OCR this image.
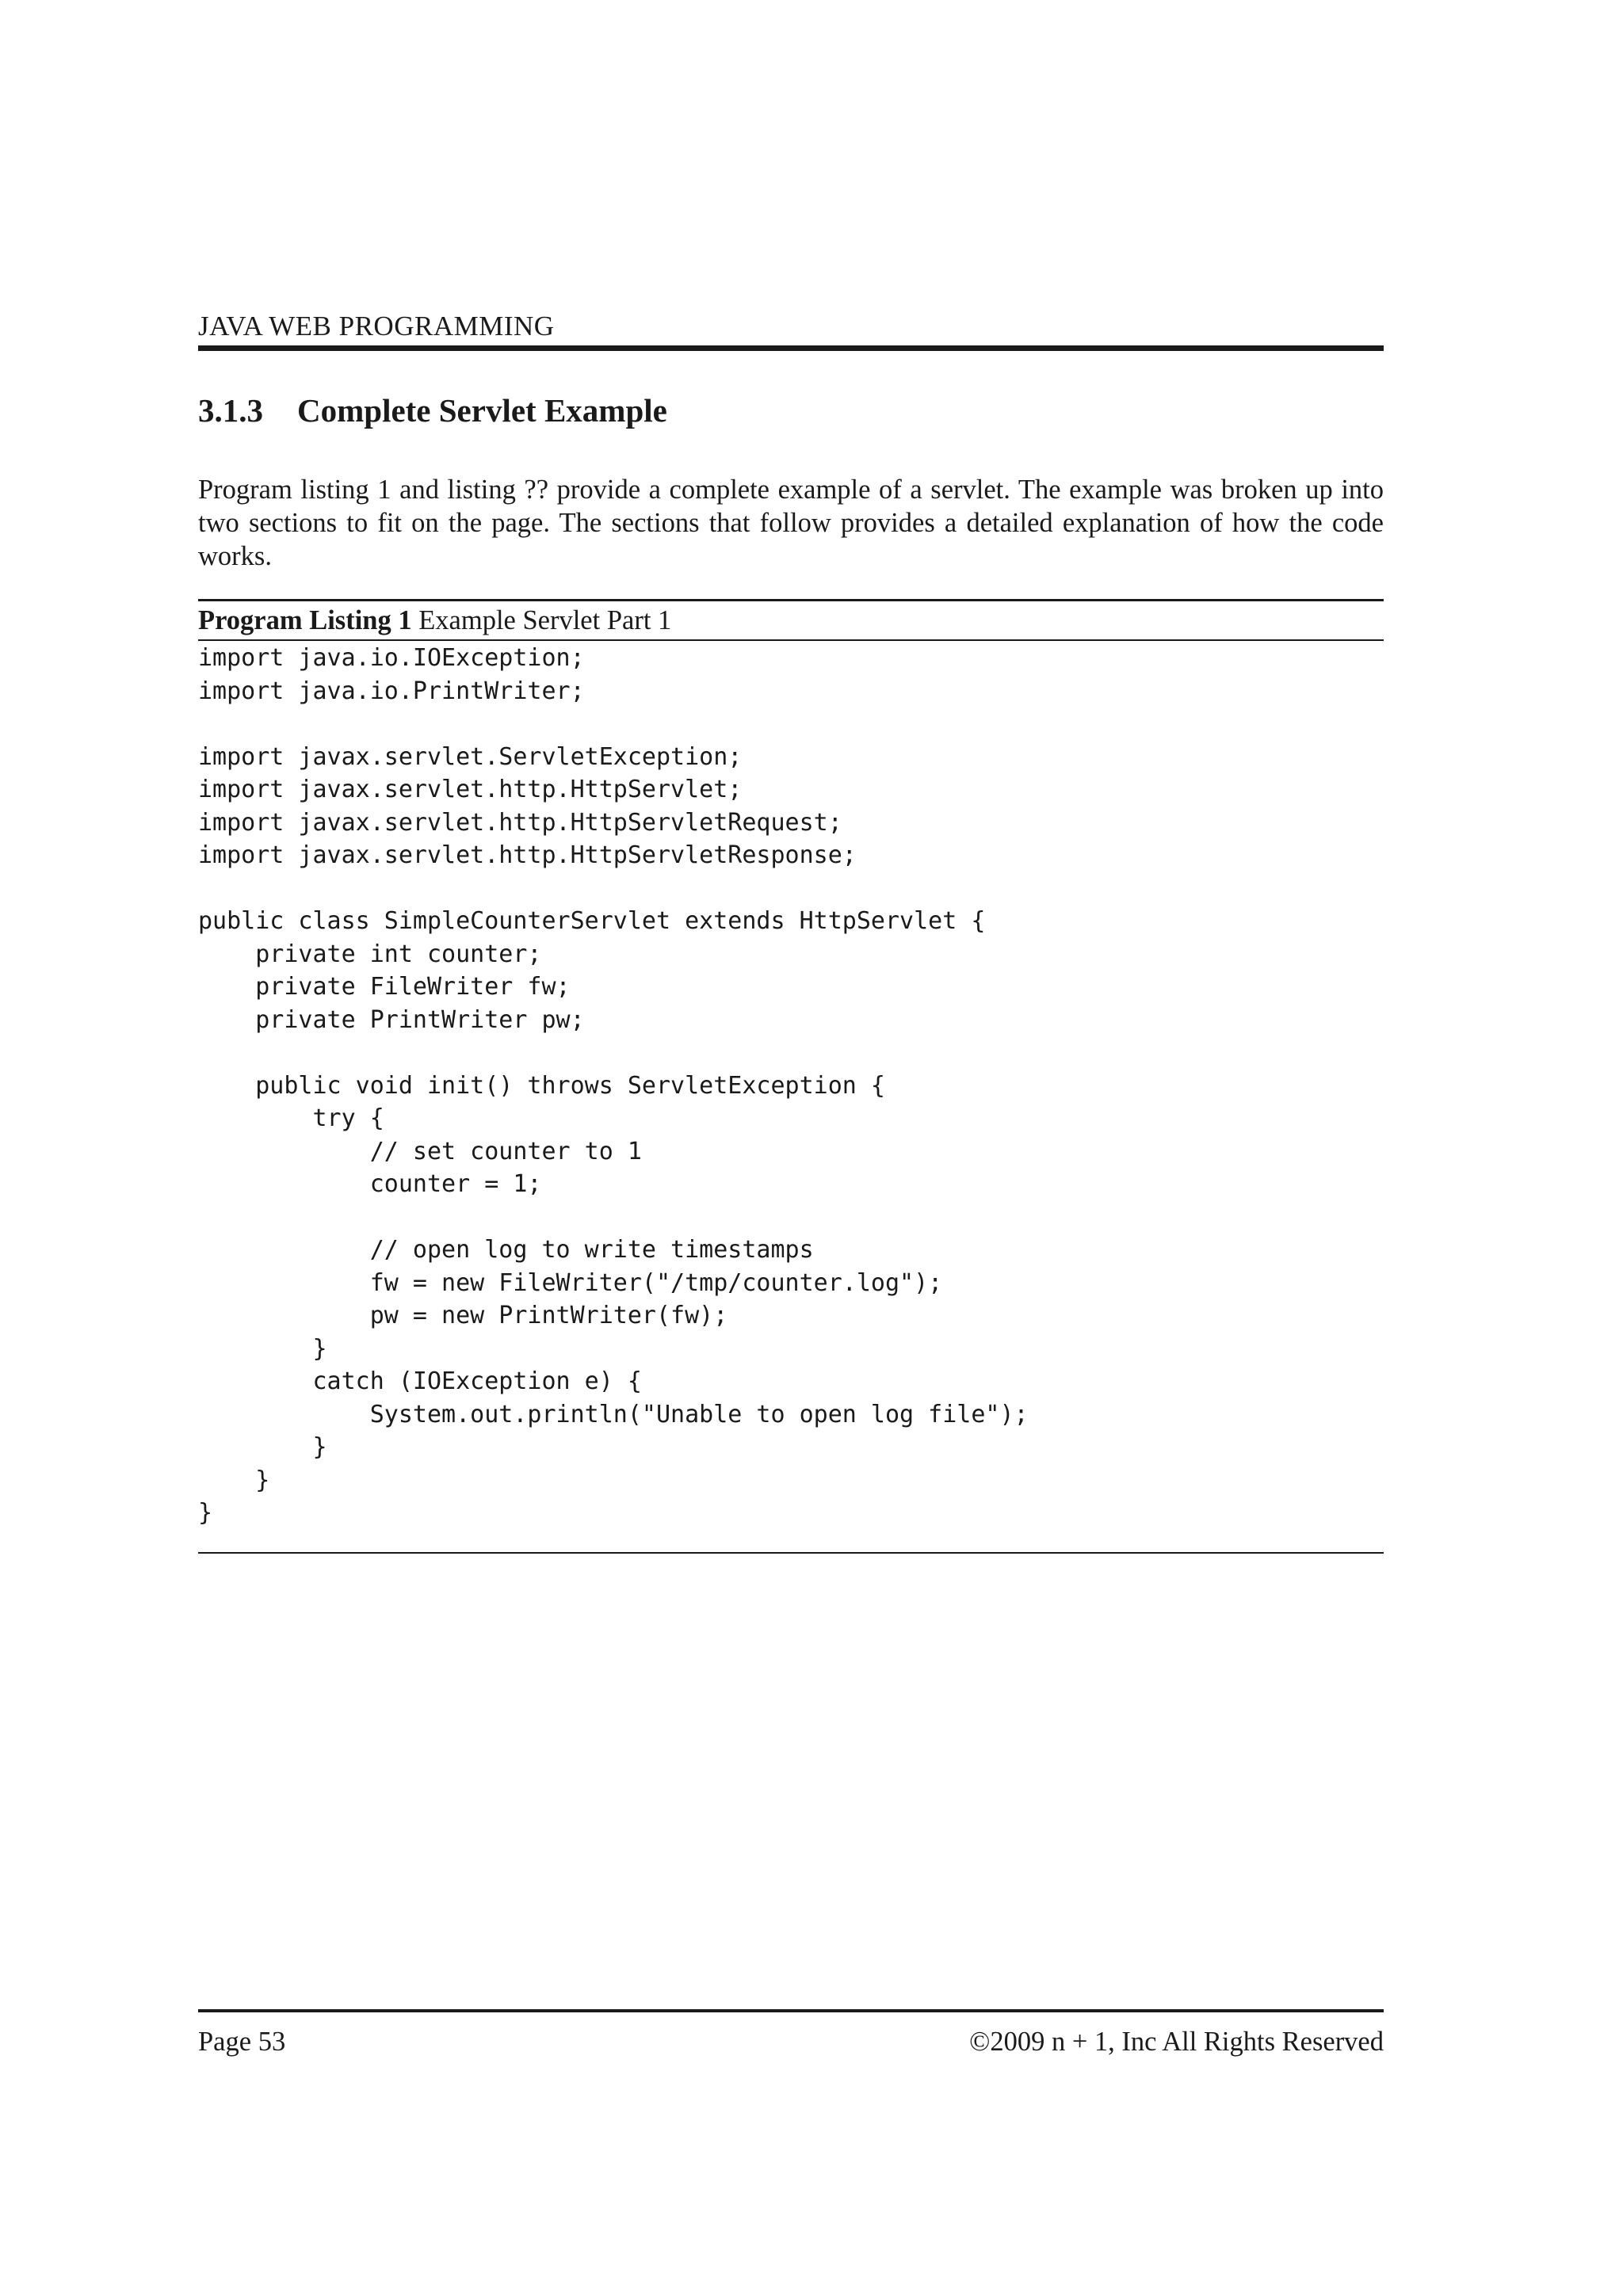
JAVA WEB PROGRAMMING
3.1.3 Complete Servlet Example
Program listing 1 and listing ?? provide a complete example of a servlet. The example was broken up into two sections to fit on the page. The sections that follow provides a detailed explanation of how the code works.
Program Listing 1 Example Servlet Part 1
import java.io.IOException;
import java.io.PrintWriter;
import javax.servlet.ServletException;
import javax.servlet.http.HttpServlet;
import javax.servlet.http.HttpServletRequest;
import javax.servlet.http.HttpServletResponse;
public class SimpleCounterServlet extends HttpServlet {
private int counter;
private FileWriter fw;
private PrintWriter pw;
public void init() throws ServletException {
try {
// set counter to 1
counter = 1;
// open log to write timestamps
fw = new FileWriter("/tmp/counter.log");
pw = new PrintWriter(fw);
}
catch (IOException e) {
System.out.println("Unable to open log file");
}
}
}
Page 53	©2009 n + 1, Inc All Rights Reserved
